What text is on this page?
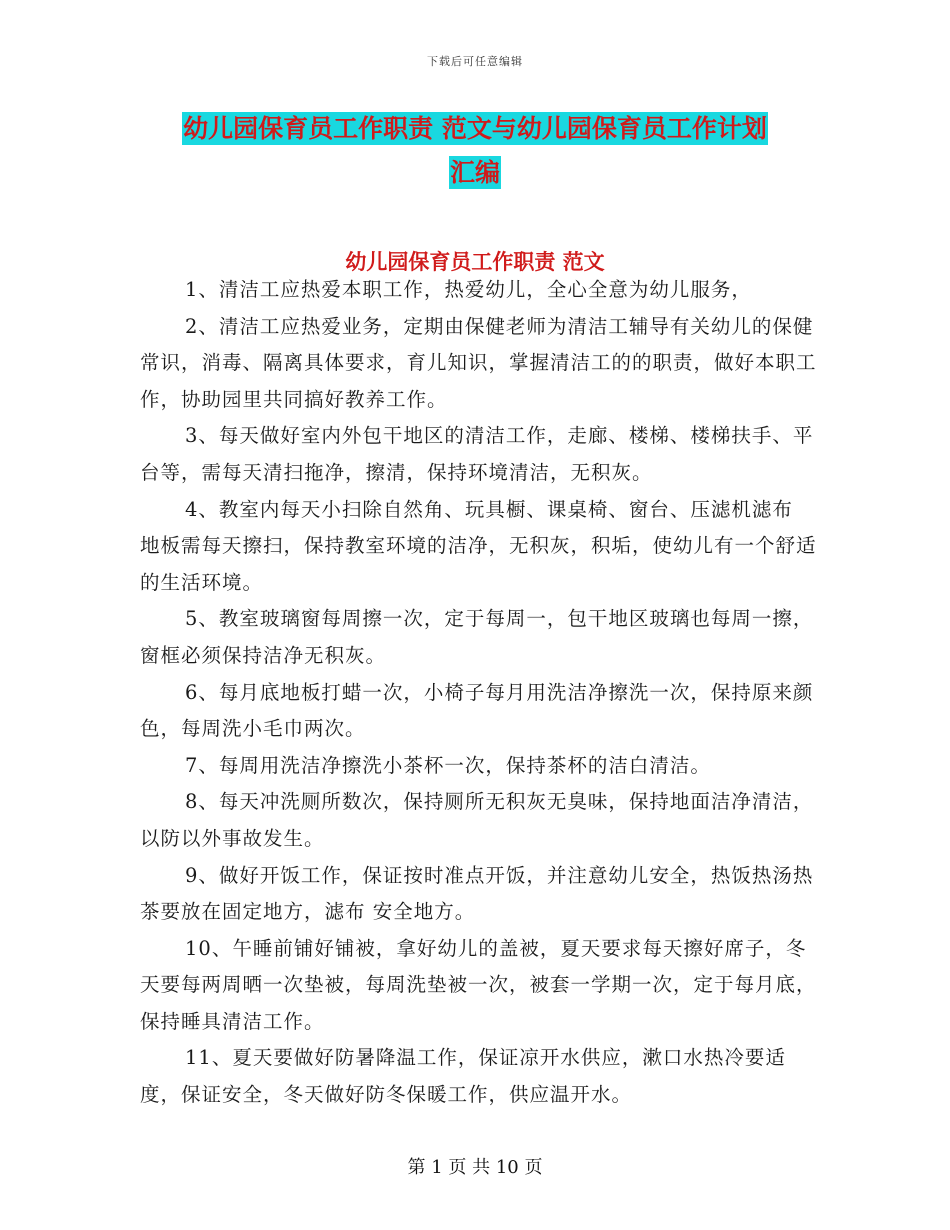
下载后可任意编辑
幼儿园保育员工作职责 范文与幼儿园保育员工作计划
汇编
幼儿园保育员工作职责 范文

1、清洁工应热爱本职工作，热爱幼儿，全心全意为幼儿服务，

2、清洁工应热爱业务，定期由保健老师为清洁工辅导有关幼儿的保健常识，消毒、隔离具体要求，育儿知识，掌握清洁工的的职责，做好本职工作，协助园里共同搞好教养工作。

3、每天做好室内外包干地区的清洁工作，走廊、楼梯、楼梯扶手、平台等，需每天清扫拖净，擦清，保持环境清洁，无积灰。

4、教室内每天小扫除自然角、玩具橱、课桌椅、窗台、压滤机滤布 地板需每天擦扫，保持教室环境的洁净，无积灰，积垢，使幼儿有一个舒适的生活环境。

5、教室玻璃窗每周擦一次，定于每周一，包干地区玻璃也每周一擦，窗框必须保持洁净无积灰。

6、每月底地板打蜡一次，小椅子每月用洗洁净擦洗一次，保持原来颜色，每周洗小毛巾两次。

7、每周用洗洁净擦洗小茶杯一次，保持茶杯的洁白清洁。

8、每天冲洗厕所数次，保持厕所无积灰无臭味，保持地面洁净清洁，以防以外事故发生。

9、做好开饭工作，保证按时准点开饭，并注意幼儿安全，热饭热汤热茶要放在固定地方，滤布 安全地方。

10、午睡前铺好铺被，拿好幼儿的盖被，夏天要求每天擦好席子，冬天要每两周晒一次垫被，每周洗垫被一次，被套一学期一次，定于每月底，保持睡具清洁工作。

11、夏天要做好防暑降温工作，保证凉开水供应，漱口水热冷要适度，保证安全，冬天做好防冬保暖工作，供应温开水。

第 1 页 共 10 页
